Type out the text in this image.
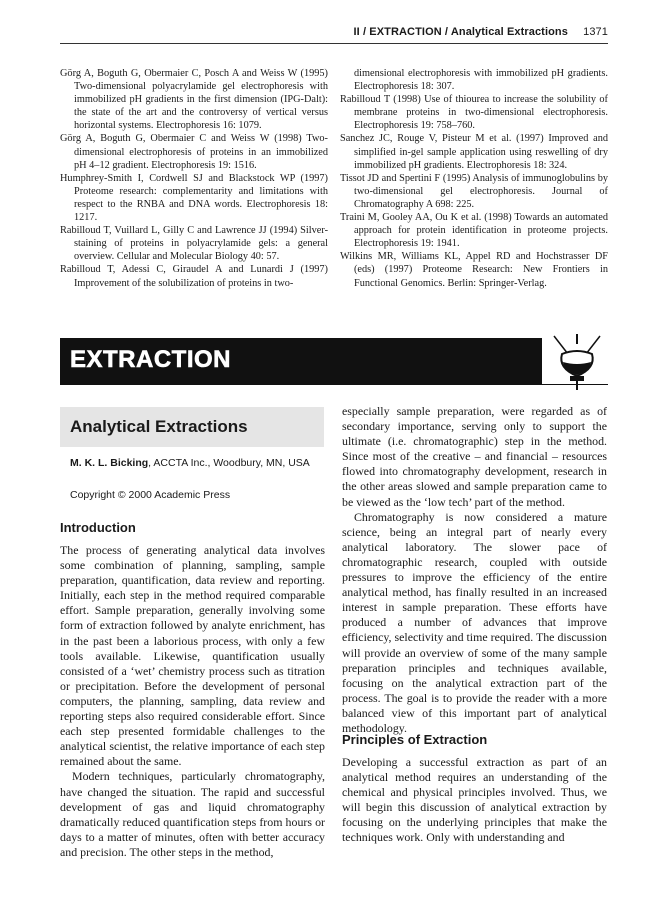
II / EXTRACTION / Analytical Extractions 1371

Görg A, Boguth G, Obermaier C, Posch A and Weiss W (1995) Two-dimensional polyacrylamide gel electrophoresis with immobilized pH gradients in the first dimension (IPG-Dalt): the state of the art and the controversy of vertical versus horizontal systems. Electrophoresis 16: 1079.

Görg A, Boguth G, Obermaier C and Weiss W (1998) Two-dimensional electrophoresis of proteins in an immobilized pH 4–12 gradient. Electrophoresis 19: 1516.

Humphrey-Smith I, Cordwell SJ and Blackstock WP (1997) Proteome research: complementarity and limitations with respect to the RNBA and DNA words. Electrophoresis 18: 1217.

Rabilloud T, Vuillard L, Gilly C and Lawrence JJ (1994) Silver-staining of proteins in polyacrylamide gels: a general overview. Cellular and Molecular Biology 40: 57.

Rabilloud T, Adessi C, Giraudel A and Lunardi J (1997) Improvement of the solubilization of proteins in two-

dimensional electrophoresis with immobilized pH gradients. Electrophoresis 18: 307.

Rabilloud T (1998) Use of thiourea to increase the solubility of membrane proteins in two-dimensional electrophoresis. Electrophoresis 19: 758–760.

Sanchez JC, Rouge V, Pisteur M et al. (1997) Improved and simplified in-gel sample application using reswelling of dry immobilized pH gradients. Electrophoresis 18: 324.

Tissot JD and Spertini F (1995) Analysis of immunoglobulins by two-dimensional gel electrophoresis. Journal of Chromatography A 698: 225.

Traini M, Gooley AA, Ou K et al. (1998) Towards an automated approach for protein identification in proteome projects. Electrophoresis 19: 1941.

Wilkins MR, Williams KL, Appel RD and Hochstrasser DF (eds) (1997) Proteome Research: New Frontiers in Functional Genomics. Berlin: Springer-Verlag.

EXTRACTION
Analytical Extractions
M. K. L. Bicking, ACCTA Inc., Woodbury, MN, USA
Copyright © 2000 Academic Press
Introduction

The process of generating analytical data involves some combination of planning, sampling, sample preparation, quantification, data review and reporting. Initially, each step in the method required comparable effort. Sample preparation, generally involving some form of extraction followed by analyte enrichment, has in the past been a laborious process, with only a few tools available. Likewise, quantification usually consisted of a ‘wet’ chemistry process such as titration or precipitation. Before the development of personal computers, the planning, sampling, data review and reporting steps also required considerable effort. Since each step presented formidable challenges to the analytical scientist, the relative importance of each step remained about the same.

Modern techniques, particularly chromatography, have changed the situation. The rapid and successful development of gas and liquid chromatography dramatically reduced quantification steps from hours or days to a matter of minutes, often with better accuracy and precision. The other steps in the method,

especially sample preparation, were regarded as of secondary importance, serving only to support the ultimate (i.e. chromatographic) step in the method. Since most of the creative – and financial – resources flowed into chromatography development, research in the other areas slowed and sample preparation came to be viewed as the ‘low tech’ part of the method.

Chromatography is now considered a mature science, being an integral part of nearly every analytical laboratory. The slower pace of chromatographic research, coupled with outside pressures to improve the efficiency of the entire analytical method, has finally resulted in an increased interest in sample preparation. These efforts have produced a number of advances that improve efficiency, selectivity and time required. The discussion will provide an overview of some of the many sample preparation principles and techniques available, focusing on the analytical extraction part of the process. The goal is to provide the reader with a more balanced view of this important part of analytical methodology.

Principles of Extraction

Developing a successful extraction as part of an analytical method requires an understanding of the chemical and physical principles involved. Thus, we will begin this discussion of analytical extraction by focusing on the underlying principles that make the techniques work. Only with understanding and
